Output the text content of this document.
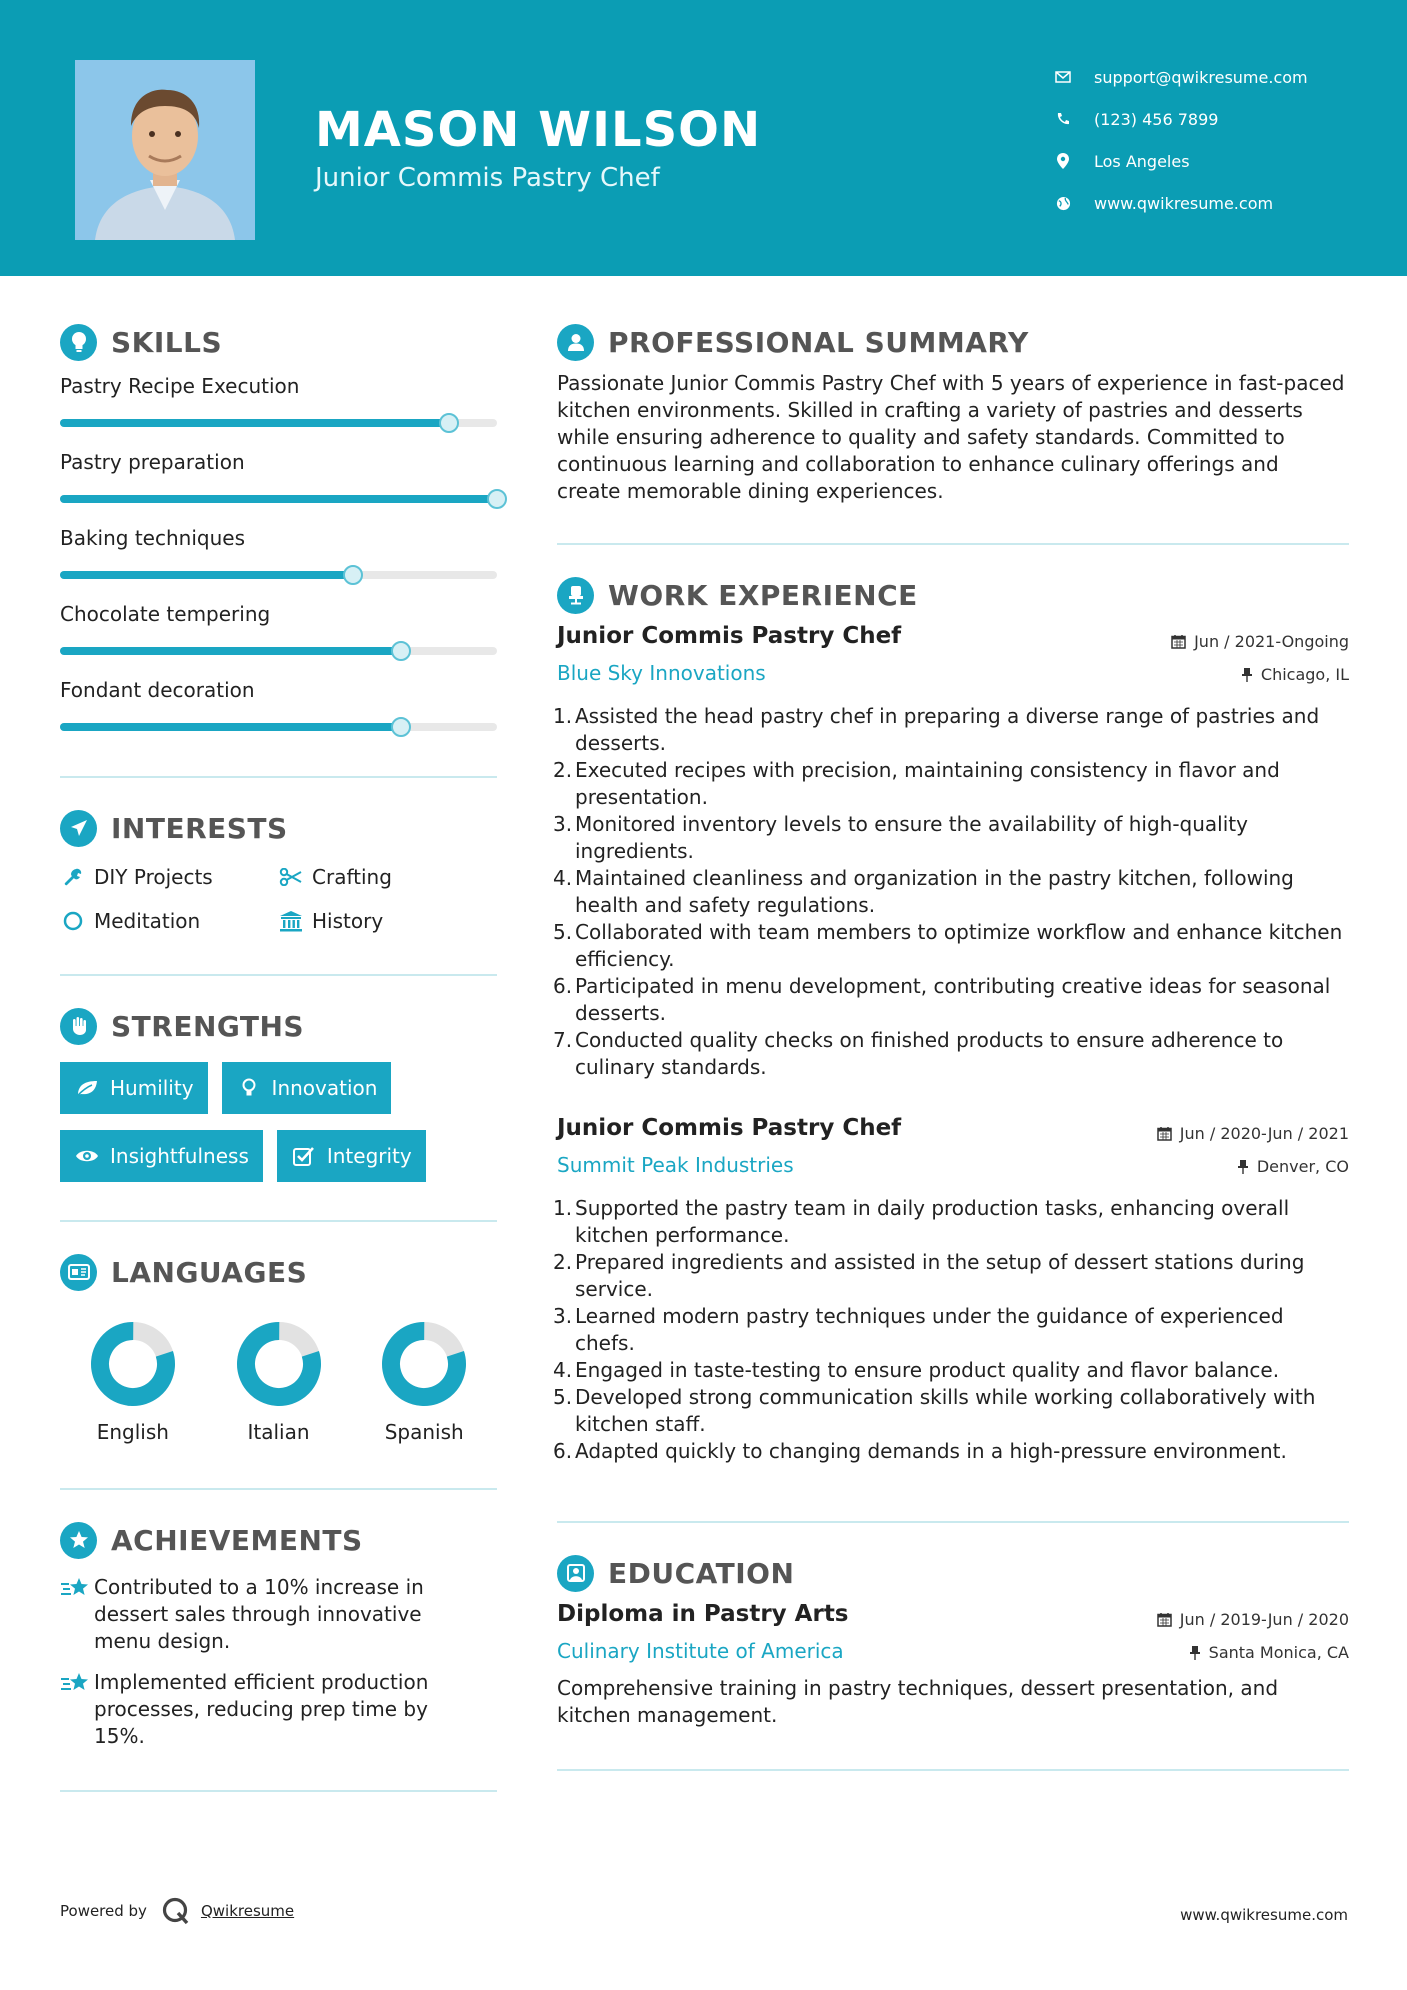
MASON WILSON
Junior Commis Pastry Chef
support@qwikresume.com
(123) 456 7899
Los Angeles
www.qwikresume.com
SKILLS
Pastry Recipe Execution
Pastry preparation
Baking techniques
Chocolate tempering
Fondant decoration
INTERESTS
DIY Projects	Crafting
Meditation	History
STRENGTHS
Humility	Innovation
Insightfulness	Integrity
LANGUAGES
English	Italian	Spanish
ACHIEVEMENTS
Contributed to a 10% increase in dessert sales through innovative menu design.
Implemented efficient production processes, reducing prep time by 15%.
PROFESSIONAL SUMMARY

Passionate Junior Commis Pastry Chef with 5 years of experience in fast-paced kitchen environments. Skilled in crafting a variety of pastries and desserts while ensuring adherence to quality and safety standards. Committed to continuous learning and collaboration to enhance culinary offerings and create memorable dining experiences.

WORK EXPERIENCE
Junior Commis Pastry Chef
Blue Sky Innovations
Jun / 2021-Ongoing
Chicago, IL
1. Assisted the head pastry chef in preparing a diverse range of pastries and desserts.
2. Executed recipes with precision, maintaining consistency in flavor and presentation.
3. Monitored inventory levels to ensure the availability of high-quality ingredients.
4. Maintained cleanliness and organization in the pastry kitchen, following health and safety regulations.
5. Collaborated with team members to optimize workflow and enhance kitchen efficiency.
6. Participated in menu development, contributing creative ideas for seasonal desserts.
7. Conducted quality checks on finished products to ensure adherence to culinary standards.
Junior Commis Pastry Chef
Summit Peak Industries
Jun / 2020-Jun / 2021
Denver, CO
1. Supported the pastry team in daily production tasks, enhancing overall kitchen performance.
2. Prepared ingredients and assisted in the setup of dessert stations during service.
3. Learned modern pastry techniques under the guidance of experienced chefs.
4. Engaged in taste-testing to ensure product quality and flavor balance.
5. Developed strong communication skills while working collaboratively with kitchen staff.
6. Adapted quickly to changing demands in a high-pressure environment.
EDUCATION
Diploma in Pastry Arts
Culinary Institute of America
Jun / 2019-Jun / 2020
Santa Monica, CA

Comprehensive training in pastry techniques, dessert presentation, and kitchen management.

Powered by	Qwikresume	www.qwikresume.com
